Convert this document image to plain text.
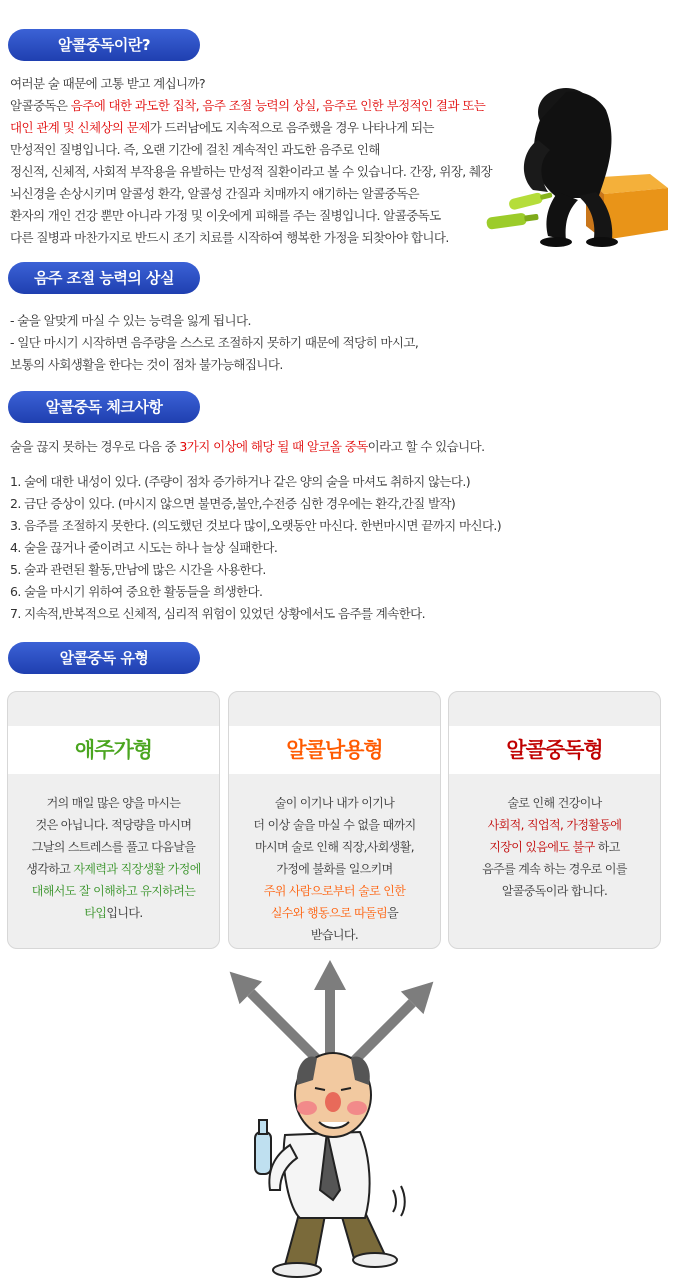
알콜중독이란?
여러분 술 때문에 고통 받고 계십니까?
알콜중독은 음주에 대한 과도한 집착, 음주 조절 능력의 상실, 음주로 인한 부정적인 결과 또는
대인 관계 및 신체상의 문제가 드러남에도 지속적으로 음주했을 경우 나타나게 되는
만성적인 질병입니다. 즉, 오랜 기간에 걸친 계속적인 과도한 음주로 인해
정신적, 신체적, 사회적 부작용을 유발하는 만성적 질환이라고 볼 수 있습니다. 간장, 위장, 췌장
뇌신경을 손상시키며 알콜성 환각, 알콜성 간질과 치매까지 얘기하는 알콜중독은
환자의 개인 건강 뿐만 아니라 가정 및 이웃에게 피해를 주는 질병입니다. 알콜중독도
다른 질병과 마찬가지로 반드시 조기 치료를 시작하여 행복한 가정을 되찾아야 합니다.
음주 조절 능력의 상실
- 술을 알맞게 마실 수 있는 능력을 잃게 됩니다.
- 일단 마시기 시작하면 음주량을 스스로 조절하지 못하기 때문에 적당히 마시고,
보통의 사회생활을 한다는 것이 점차 불가능해집니다.
알콜중독 체크사항
술을 끊지 못하는 경우로 다음 중 3가지 이상에 해당 될 때 알코올 중독이라고 할 수 있습니다.
1. 술에 대한 내성이 있다. (주량이 점차 증가하거나 같은 양의 술을 마셔도 취하지 않는다.)
2. 금단 증상이 있다. (마시지 않으면 불면증,불안,수전증 심한 경우에는 환각,간질 발작)
3. 음주를 조절하지 못한다. (의도했던 것보다 많이,오랫동안 마신다. 한번마시면 끝까지 마신다.)
4. 술을 끊거나 줄이려고 시도는 하나 늘상 실패한다.
5. 술과 관련된 활동,만남에 많은 시간을 사용한다.
6. 술을 마시기 위하여 중요한 활동들을 희생한다.
7. 지속적,반복적으로 신체적, 심리적 위험이 있었던 상황에서도 음주를 계속한다.
알콜중독 유형
애주가형
거의 매일 많은 양을 마시는
것은 아닙니다. 적당량을 마시며
그날의 스트레스를 풀고 다음날을
생각하고 자제력과 직장생활 가정에
대해서도 잘 이해하고 유지하려는
타입입니다.
알콜남용형
술이 이기나 내가 이기나
더 이상 술을 마실 수 없을 때까지
마시며 술로 인해 직장,사회생활,
가정에 불화를 일으키며
주위 사람으로부터 술로 인한
실수와 행동으로 따돌림을
받습니다.
알콜중독형
술로 인해 건강이나
사회적, 직업적, 가정활동에
지장이 있음에도 불구 하고
음주를 계속 하는 경우로 이를
알콜중독이라 합니다.
